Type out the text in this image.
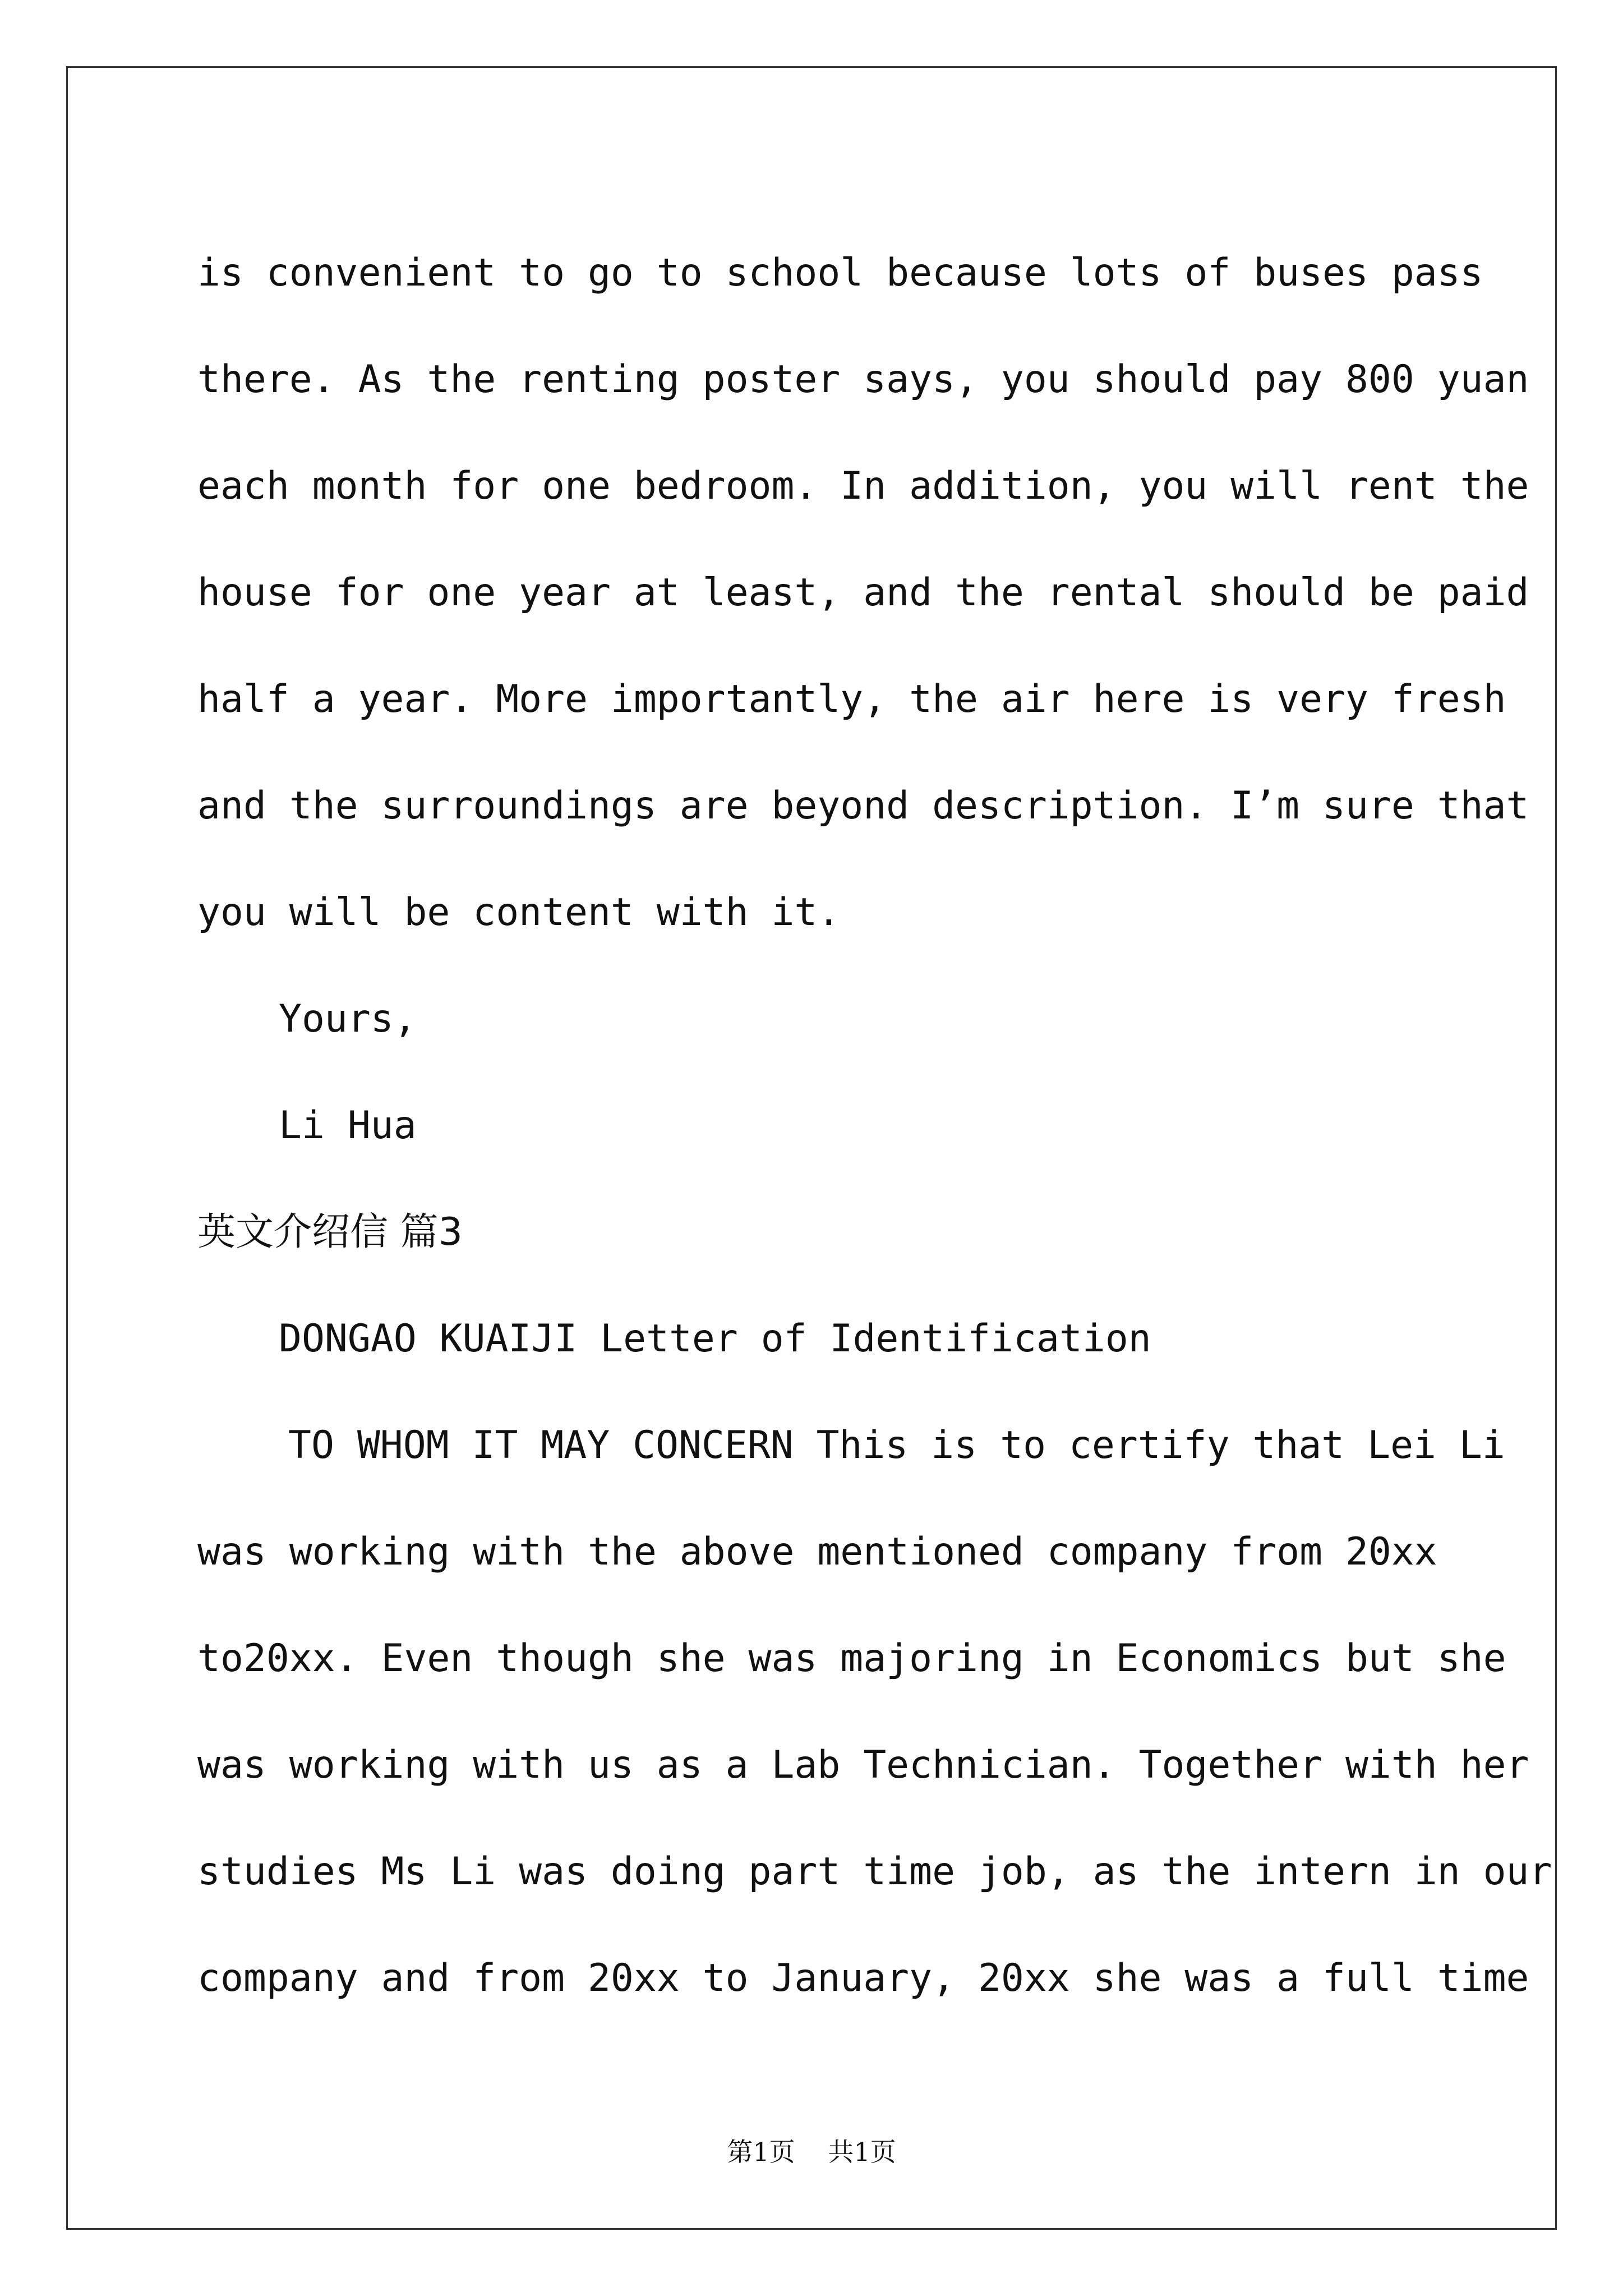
is convenient to go to school because lots of buses pass
there. As the renting poster says, you should pay 800 yuan
each month for one bedroom. In addition, you will rent the
house for one year at least, and the rental should be paid
half a year. More importantly, the air here is very fresh
and the surroundings are beyond description. I’m sure that
you will be content with it.
Yours,
Li Hua
英文介绍信 篇3
DONGAO KUAIJI Letter of Identification
TO WHOM IT MAY CONCERN This is to certify that Lei Li
was working with the above mentioned company from 20xx
to20xx. Even though she was majoring in Economics but she
was working with us as a Lab Technician. Together with her
studies Ms Li was doing part time job, as the intern in our
company and from 20xx to January, 20xx she was a full time
第1页 共1页
